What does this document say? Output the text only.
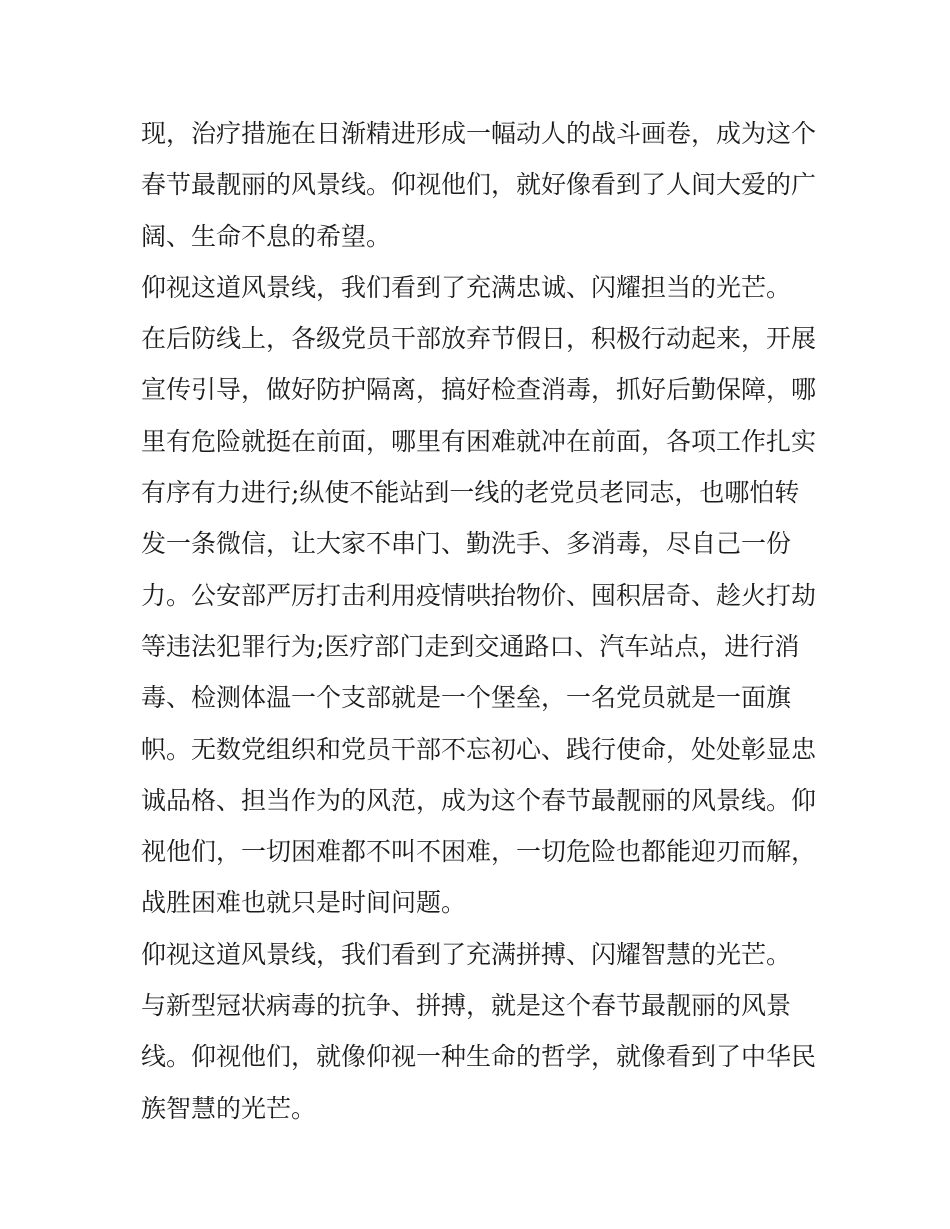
现，治疗措施在日渐精进形成一幅动人的战斗画卷，成为这个
春节最靓丽的风景线。仰视他们，就好像看到了人间大爱的广
阔、生命不息的希望。

仰视这道风景线，我们看到了充满忠诚、闪耀担当的光芒。

在后防线上，各级党员干部放弃节假日，积极行动起来，开展
宣传引导，做好防护隔离，搞好检查消毒，抓好后勤保障，哪
里有危险就挺在前面，哪里有困难就冲在前面，各项工作扎实
有序有力进行;纵使不能站到一线的老党员老同志，也哪怕转
发一条微信，让大家不串门、勤洗手、多消毒，尽自己一份
力。公安部严厉打击利用疫情哄抬物价、囤积居奇、趁火打劫
等违法犯罪行为;医疗部门走到交通路口、汽车站点，进行消
毒、检测体温一个支部就是一个堡垒，一名党员就是一面旗
帜。无数党组织和党员干部不忘初心、践行使命，处处彰显忠
诚品格、担当作为的风范，成为这个春节最靓丽的风景线。仰
视他们，一切困难都不叫不困难，一切危险也都能迎刃而解，
战胜困难也就只是时间问题。

仰视这道风景线，我们看到了充满拼搏、闪耀智慧的光芒。

与新型冠状病毒的抗争、拼搏，就是这个春节最靓丽的风景
线。仰视他们，就像仰视一种生命的哲学，就像看到了中华民
族智慧的光芒。
